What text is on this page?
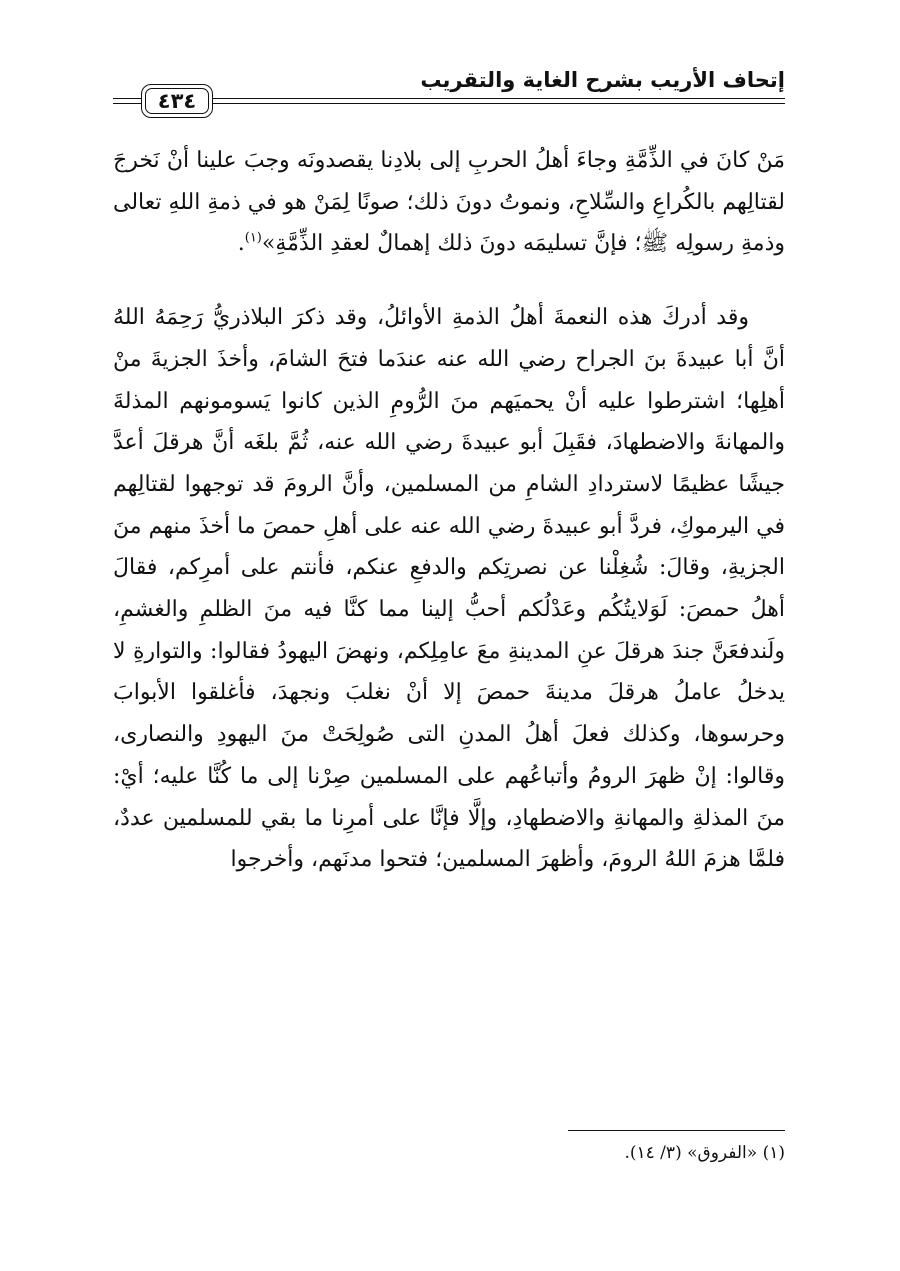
إتحاف الأريب بشرح الغاية والتقريب
٤٣٤

مَنْ كانَ في الذِّمَّةِ وجاءَ أهلُ الحربِ إلى بلادِنا يقصدونَه وجبَ علينا أنْ نَخرجَ لقتالِهم بالكُراعِ والسِّلاحِ، ونموتُ دونَ ذلك؛ صونًا لِمَنْ هو في ذمةِ اللهِ تعالى وذمةِ رسولِه ﷺ؛ فإنَّ تسليمَه دونَ ذلك إهمالٌ لعقدِ الذِّمَّةِ»$^{(١)}$.

وقد أدركَ هذه النعمةَ أهلُ الذمةِ الأوائلُ، وقد ذكرَ البلاذريُّ رَحِمَهُ اللهُ أنَّ أبا عبيدةَ بنَ الجراح رضي الله عنه عندَما فتحَ الشامَ، وأخذَ الجزيةَ منْ أهلِها؛ اشترطوا عليه أنْ يحميَهم منَ الرُّومِ الذين كانوا يَسومونهم المذلةَ والمهانةَ والاضطهادَ، فقَبِلَ أبو عبيدةَ رضي الله عنه، ثُمَّ بلغَه أنَّ هرقلَ أعدَّ جيشًا عظيمًا لاستردادِ الشامِ من المسلمين، وأنَّ الرومَ قد توجهوا لقتالِهم في اليرموكِ، فردَّ أبو عبيدةَ رضي الله عنه على أهلِ حمصَ ما أخذَ منهم منَ الجزيةِ، وقالَ: شُغِلْنا عن نصرتِكم والدفعِ عنكم، فأنتم على أمرِكم، فقالَ أهلُ حمصَ: لَوَلايتُكُم وعَدْلُكم أحبُّ إلينا مما كنَّا فيه منَ الظلمِ والغشمِ، ولَندفعَنَّ جندَ هرقلَ عنِ المدينةِ معَ عامِلِكم، ونهضَ اليهودُ فقالوا: والتوارةِ لا يدخلُ عاملُ هرقلَ مدينةَ حمصَ إلا أنْ نغلبَ ونجهدَ، فأغلقوا الأبوابَ وحرسوها، وكذلك فعلَ أهلُ المدنِ التى صُولِحَتْ منَ اليهودِ والنصارى، وقالوا: إنْ ظهرَ الرومُ وأتباعُهم على المسلمين صِرْنا إلى ما كُنَّا عليه؛ أيْ: منَ المذلةِ والمهانةِ والاضطهادِ، وإلَّا فإنَّا على أمرِنا ما بقي للمسلمين عددٌ، فلمَّا هزمَ اللهُ الرومَ، وأظهرَ المسلمين؛ فتحوا مدنَهم، وأخرجوا

(١) «الفروق» (٣/ ١٤).
